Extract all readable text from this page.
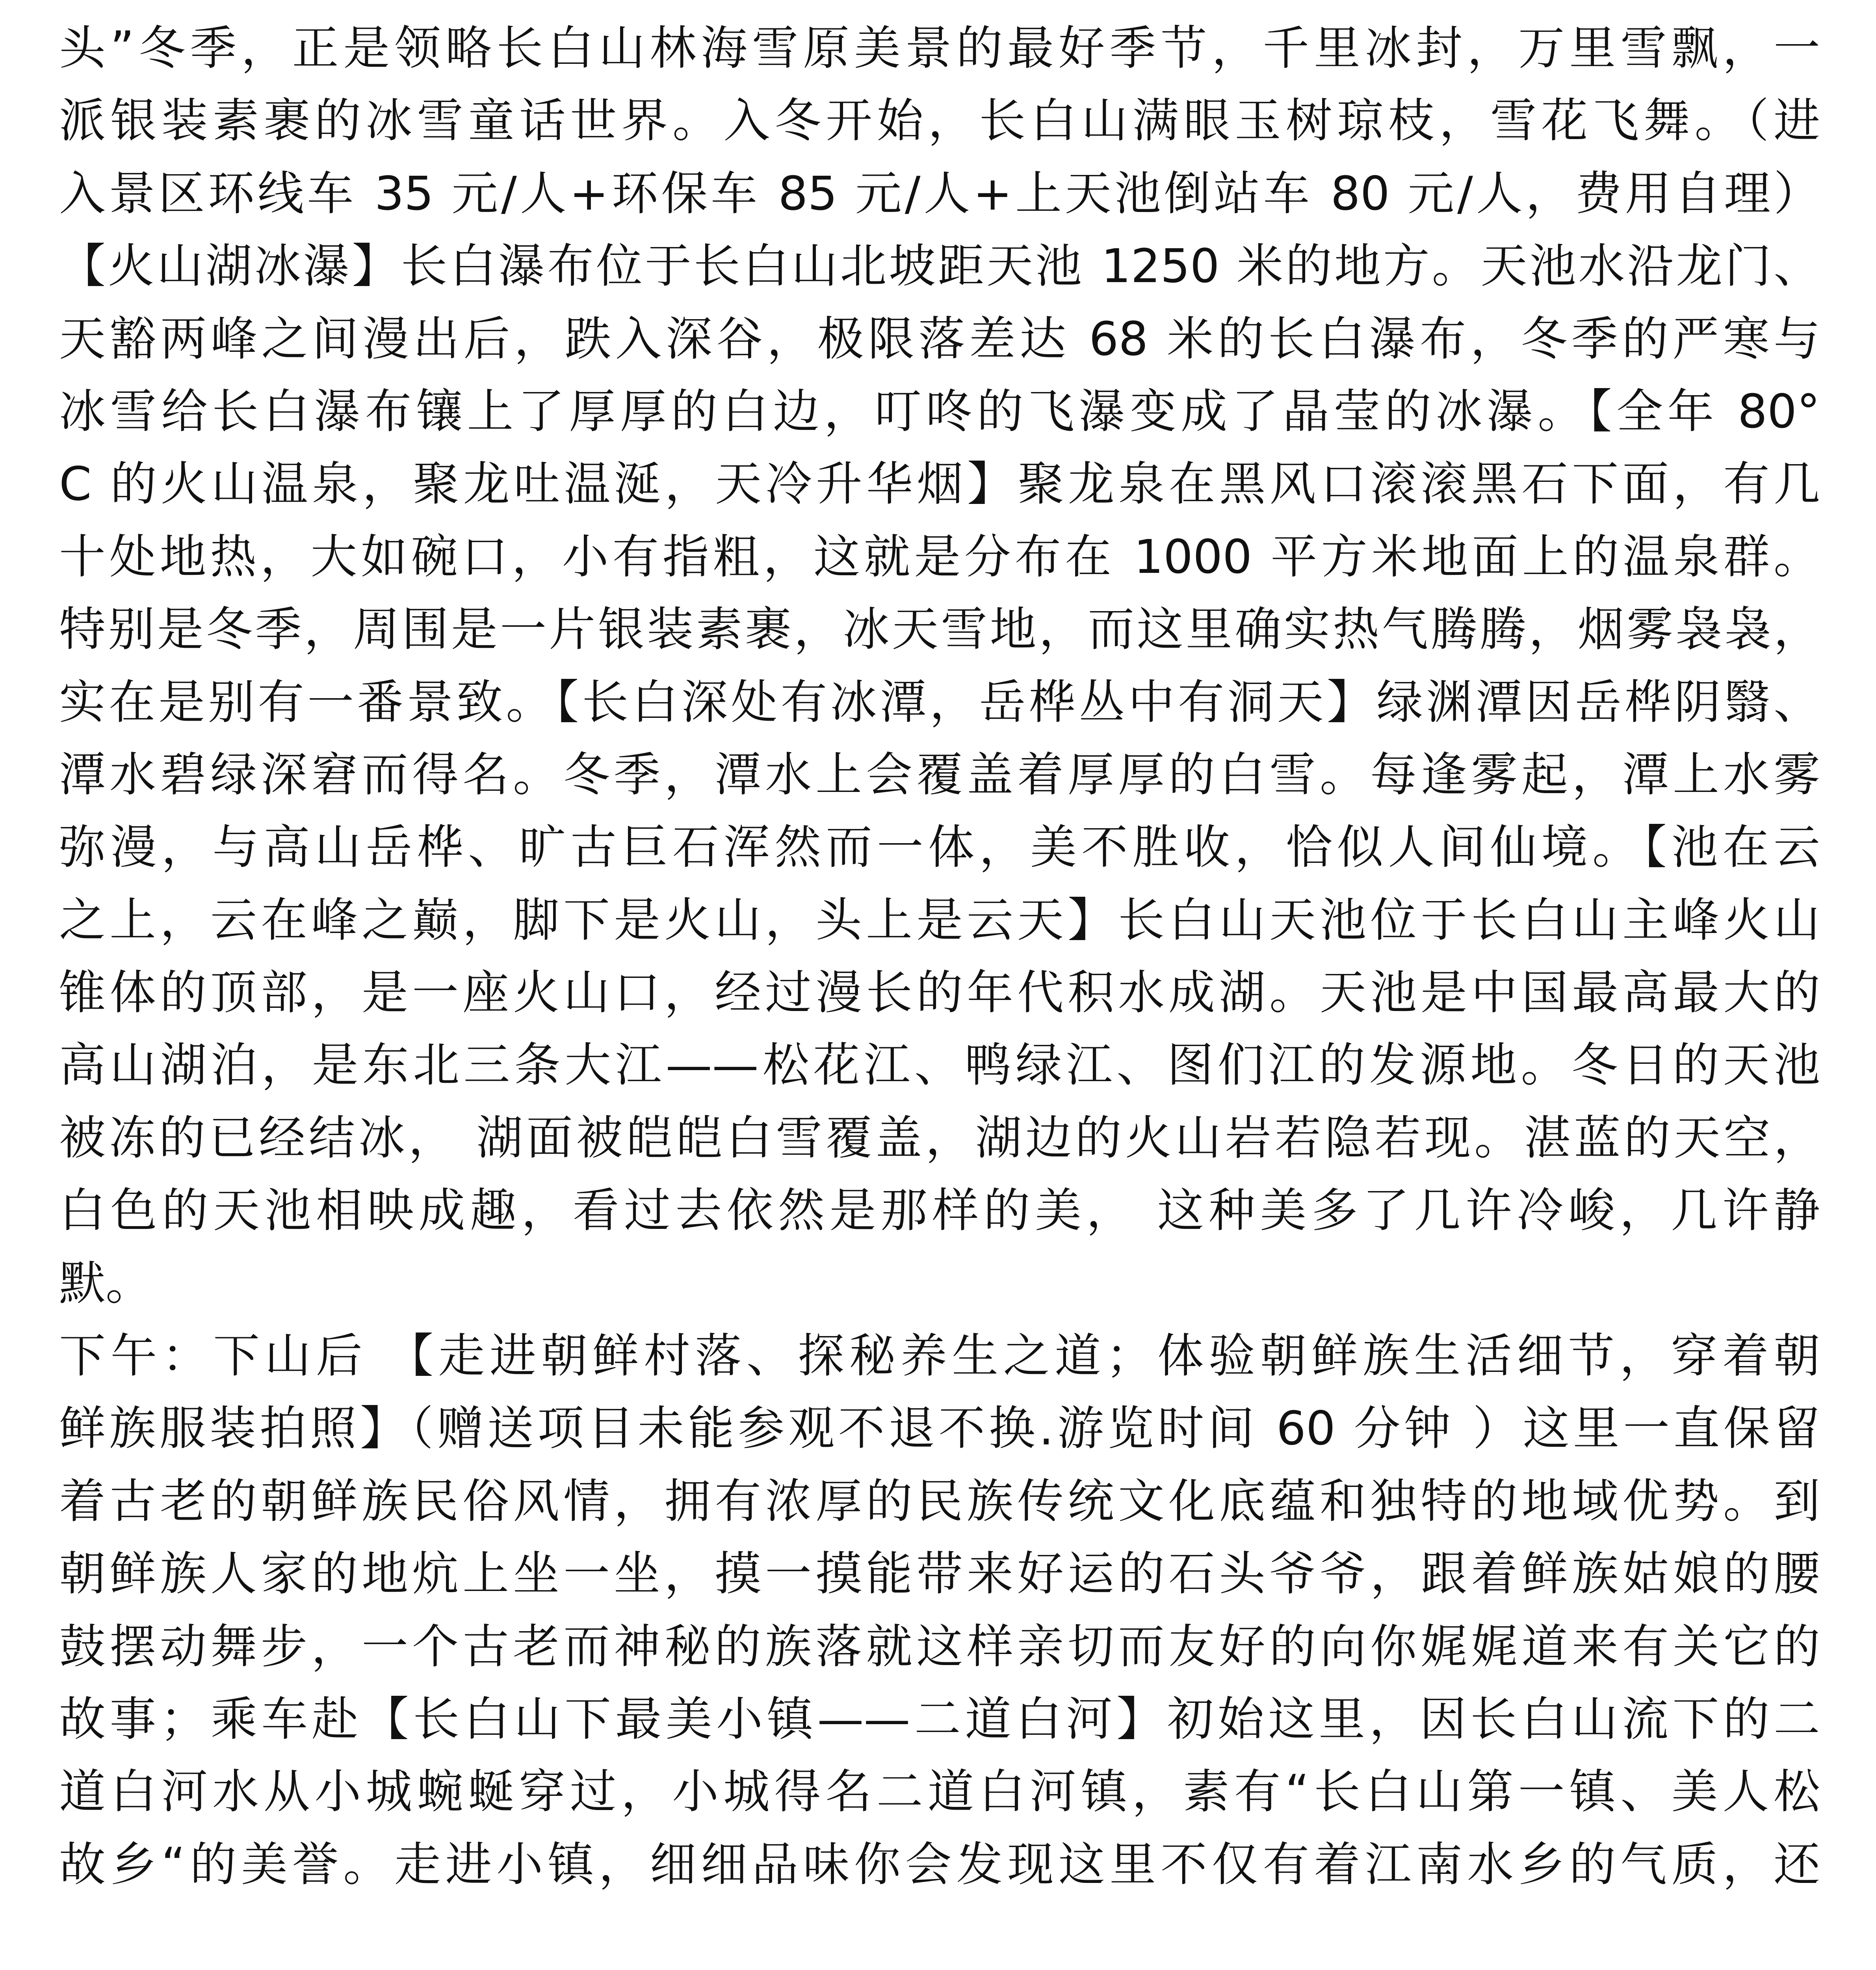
头”冬季，正是领略长白山林海雪原美景的最好季节，千里冰封，万里雪飘，一
派银装素裹的冰雪童话世界。入冬开始，长白山满眼玉树琼枝，雪花飞舞。（进
入景区环线车 35 元/人+环保车 85 元/人+上天池倒站车 80 元/人，费用自理）
【火山湖冰瀑】长白瀑布位于长白山北坡距天池 1250 米的地方。天池水沿龙门、
天豁两峰之间漫出后，跌入深谷，极限落差达 68 米的长白瀑布，冬季的严寒与
冰雪给长白瀑布镶上了厚厚的白边，叮咚的飞瀑变成了晶莹的冰瀑。【全年 80°
C 的火山温泉，聚龙吐温涎，天冷升华烟】聚龙泉在黑风口滚滚黑石下面，有几
十处地热，大如碗口，小有指粗，这就是分布在 1000 平方米地面上的温泉群。
特别是冬季，周围是一片银装素裹，冰天雪地，而这里确实热气腾腾，烟雾袅袅，
实在是别有一番景致。【长白深处有冰潭，岳桦丛中有洞天】绿渊潭因岳桦阴翳、
潭水碧绿深窘而得名。冬季，潭水上会覆盖着厚厚的白雪。每逢雾起，潭上水雾
弥漫，与高山岳桦、旷古巨石浑然而一体，美不胜收，恰似人间仙境。【池在云
之上，云在峰之巅，脚下是火山，头上是云天】长白山天池位于长白山主峰火山
锥体的顶部，是一座火山口，经过漫长的年代积水成湖。天池是中国最高最大的
高山湖泊，是东北三条大江——松花江、鸭绿江、图们江的发源地。冬日的天池
被冻的已经结冰， 湖面被皑皑白雪覆盖，湖边的火山岩若隐若现。湛蓝的天空，
白色的天池相映成趣，看过去依然是那样的美， 这种美多了几许冷峻，几许静
默。
下午：下山后 【走进朝鲜村落、探秘养生之道；体验朝鲜族生活细节，穿着朝
鲜族服装拍照】（赠送项目未能参观不退不换.游览时间 60 分钟 ）这里一直保留
着古老的朝鲜族民俗风情，拥有浓厚的民族传统文化底蕴和独特的地域优势。到
朝鲜族人家的地炕上坐一坐，摸一摸能带来好运的石头爷爷，跟着鲜族姑娘的腰
鼓摆动舞步，一个古老而神秘的族落就这样亲切而友好的向你娓娓道来有关它的
故事；乘车赴【长白山下最美小镇——二道白河】初始这里，因长白山流下的二
道白河水从小城蜿蜒穿过，小城得名二道白河镇，素有“长白山第一镇、美人松
故乡“的美誉。走进小镇，细细品味你会发现这里不仅有着江南水乡的气质，还
